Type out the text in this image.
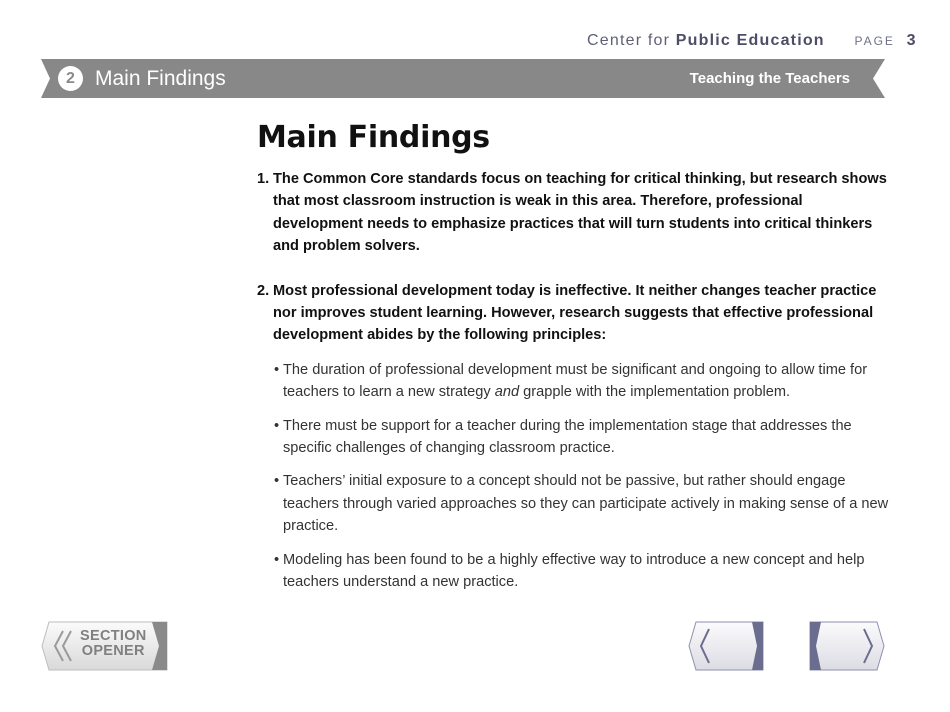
Center for Public Education PAGE 3
2 Main Findings	Teaching the Teachers
Main Findings

1. The Common Core standards focus on teaching for critical thinking, but research shows that most classroom instruction is weak in this area. Therefore, professional development needs to emphasize practices that will turn students into critical thinkers and problem solvers.

2. Most professional development today is ineffective. It neither changes teacher practice nor improves student learning. However, research suggests that effective professional development abides by the following principles:

• The duration of professional development must be significant and ongoing to allow time for teachers to learn a new strategy and grapple with the implementation problem.
• There must be support for a teacher during the implementation stage that addresses the specific challenges of changing classroom practice.
• Teachers’ initial exposure to a concept should not be passive, but rather should engage teachers through varied approaches so they can participate actively in making sense of a new practice.
• Modeling has been found to be a highly effective way to introduce a new concept and help teachers understand a new practice.
SECTION
OPENER
